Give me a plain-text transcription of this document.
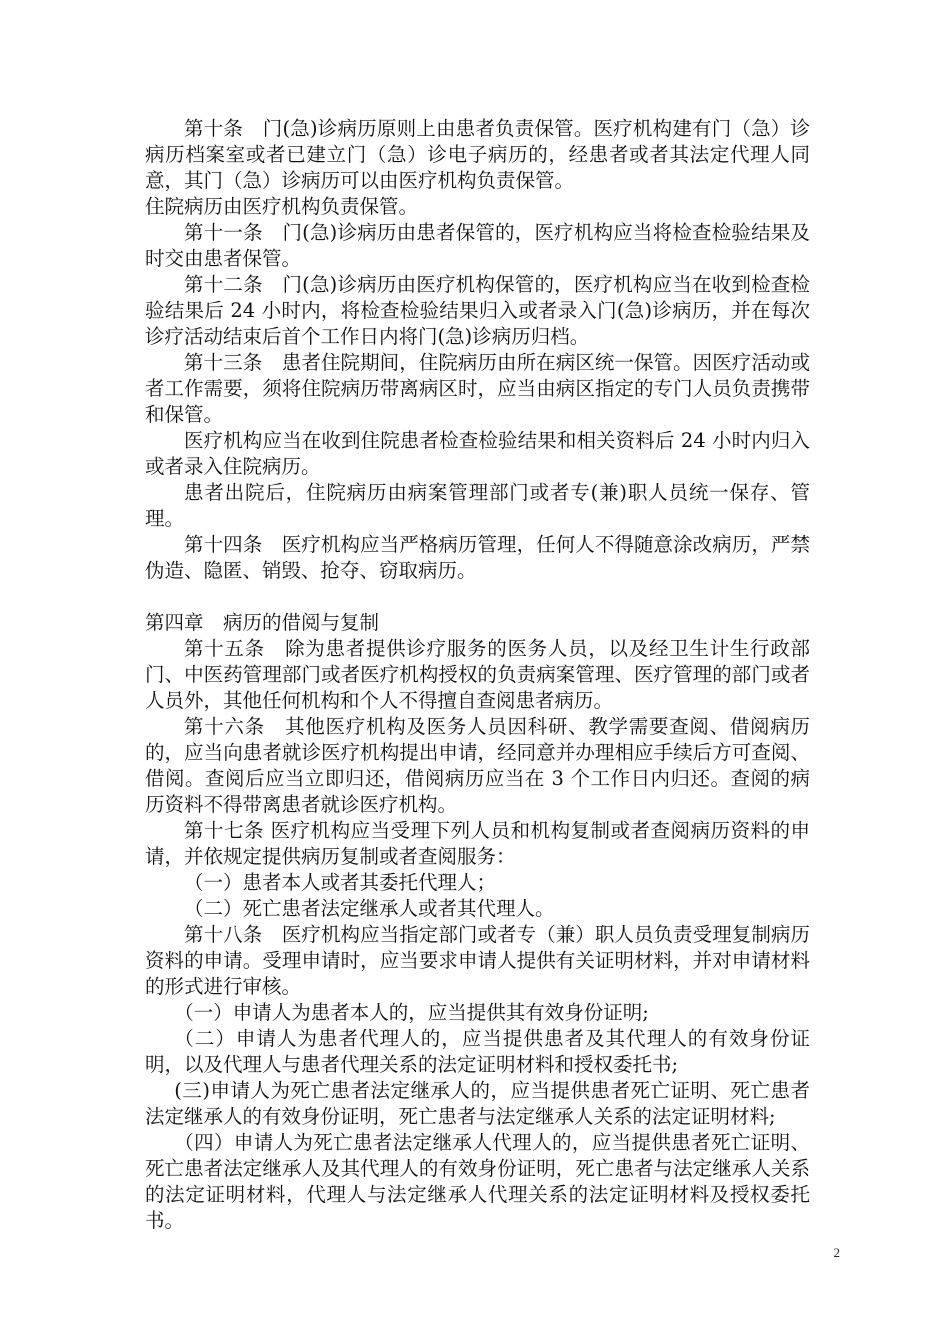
第十条　门(急)诊病历原则上由患者负责保管。医疗机构建有门（急）诊病历档案室或者已建立门（急）诊电子病历的，经患者或者其法定代理人同意，其门（急）诊病历可以由医疗机构负责保管。

住院病历由医疗机构负责保管。

第十一条　门(急)诊病历由患者保管的，医疗机构应当将检查检验结果及时交由患者保管。

第十二条　门(急)诊病历由医疗机构保管的，医疗机构应当在收到检查检验结果后 24 小时内，将检查检验结果归入或者录入门(急)诊病历，并在每次诊疗活动结束后首个工作日内将门(急)诊病历归档。

第十三条　患者住院期间，住院病历由所在病区统一保管。因医疗活动或者工作需要，须将住院病历带离病区时，应当由病区指定的专门人员负责携带和保管。

医疗机构应当在收到住院患者检查检验结果和相关资料后 24 小时内归入或者录入住院病历。

患者出院后，住院病历由病案管理部门或者专(兼)职人员统一保存、管理。

第十四条　医疗机构应当严格病历管理，任何人不得随意涂改病历，严禁伪造、隐匿、销毁、抢夺、窃取病历。

第四章　病历的借阅与复制

第十五条　除为患者提供诊疗服务的医务人员，以及经卫生计生行政部门、中医药管理部门或者医疗机构授权的负责病案管理、医疗管理的部门或者人员外，其他任何机构和个人不得擅自查阅患者病历。

第十六条　其他医疗机构及医务人员因科研、教学需要查阅、借阅病历的，应当向患者就诊医疗机构提出申请，经同意并办理相应手续后方可查阅、借阅。查阅后应当立即归还，借阅病历应当在 3 个工作日内归还。查阅的病历资料不得带离患者就诊医疗机构。

第十七条 医疗机构应当受理下列人员和机构复制或者查阅病历资料的申请，并依规定提供病历复制或者查阅服务：

（一）患者本人或者其委托代理人；

（二）死亡患者法定继承人或者其代理人。

第十八条　医疗机构应当指定部门或者专（兼）职人员负责受理复制病历资料的申请。受理申请时，应当要求申请人提供有关证明材料，并对申请材料的形式进行审核。

（一）申请人为患者本人的，应当提供其有效身份证明;

（二）申请人为患者代理人的，应当提供患者及其代理人的有效身份证明，以及代理人与患者代理关系的法定证明材料和授权委托书;

(三)申请人为死亡患者法定继承人的，应当提供患者死亡证明、死亡患者法定继承人的有效身份证明，死亡患者与法定继承人关系的法定证明材料;

（四）申请人为死亡患者法定继承人代理人的，应当提供患者死亡证明、死亡患者法定继承人及其代理人的有效身份证明，死亡患者与法定继承人关系的法定证明材料，代理人与法定继承人代理关系的法定证明材料及授权委托书。

2
